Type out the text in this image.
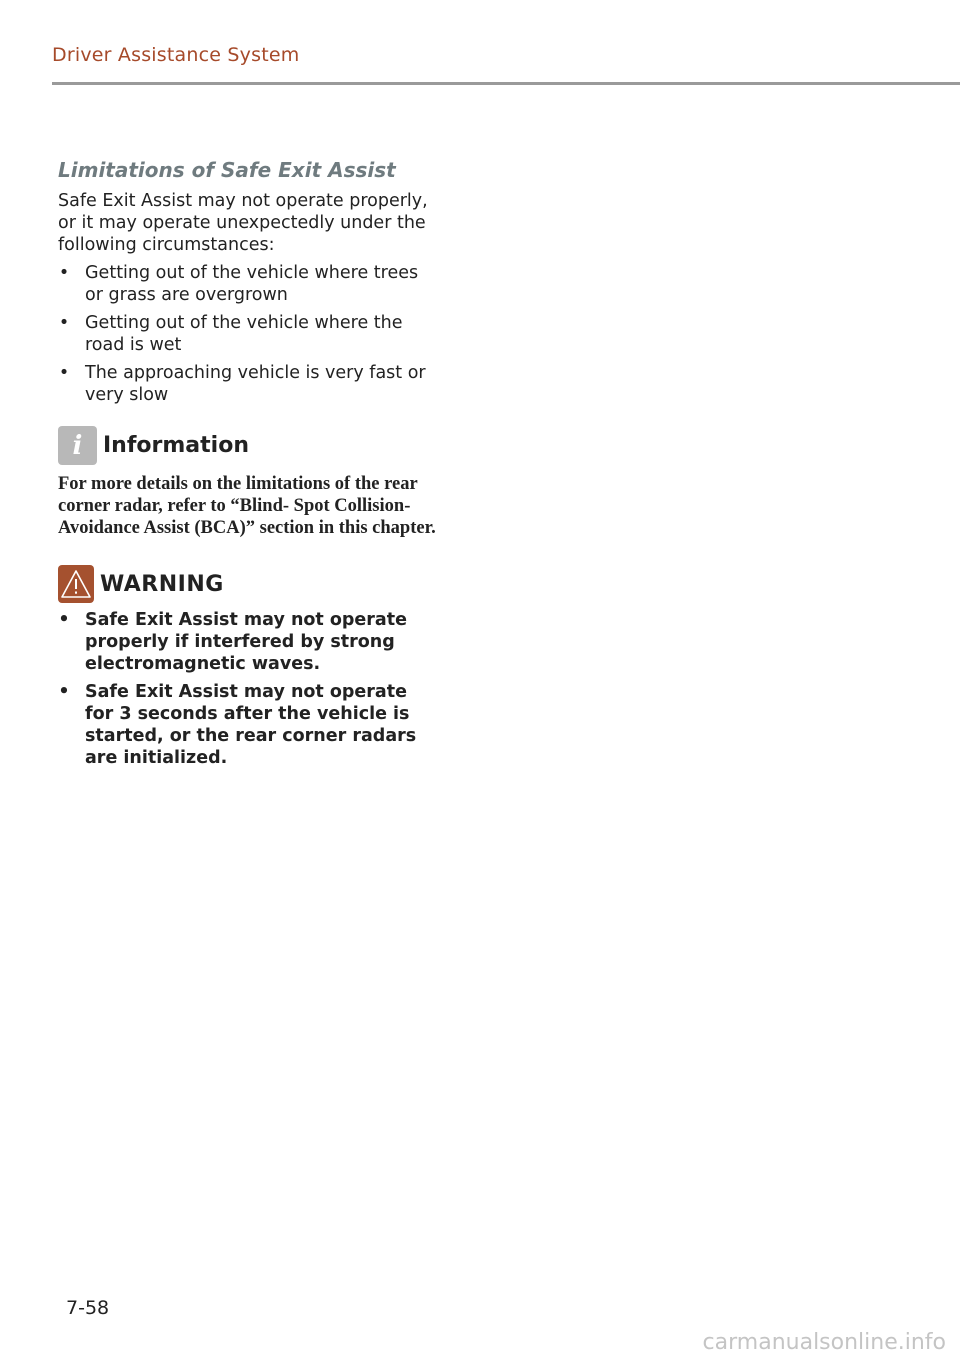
Driver Assistance System
Limitations of Safe Exit Assist

Safe Exit Assist may not operate properly, or it may operate unexpectedly under the following circumstances:

• Getting out of the vehicle where trees or grass are overgrown
• Getting out of the vehicle where the road is wet
• The approaching vehicle is very fast or very slow
i Information

For more details on the limitations of the rear corner radar, refer to “Blind- Spot Collision-Avoidance Assist (BCA)” section in this chapter.

WARNING
• Safe Exit Assist may not operate properly if interfered by strong electromagnetic waves.
• Safe Exit Assist may not operate for 3 seconds after the vehicle is started, or the rear corner radars are initialized.
7-58
carmanualsonline.info
